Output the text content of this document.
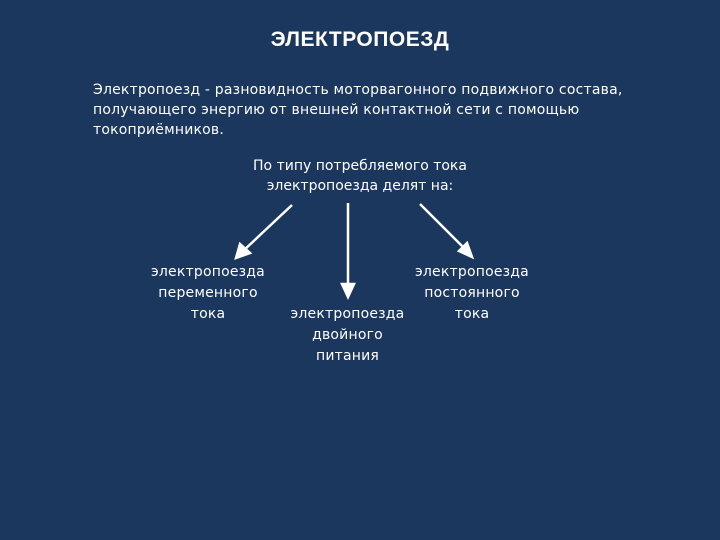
ЭЛЕКТРОПОЕЗД
Электропоезд - разновидность моторвагонного подвижного состава,
получающего энергию от внешней контактной сети с помощью
токоприёмников.
По типу потребляемого тока
электропоезда делят на:
электропоезда
переменного
тока	электропоезда
двойного
питания
электропоезда
постоянного
тока
